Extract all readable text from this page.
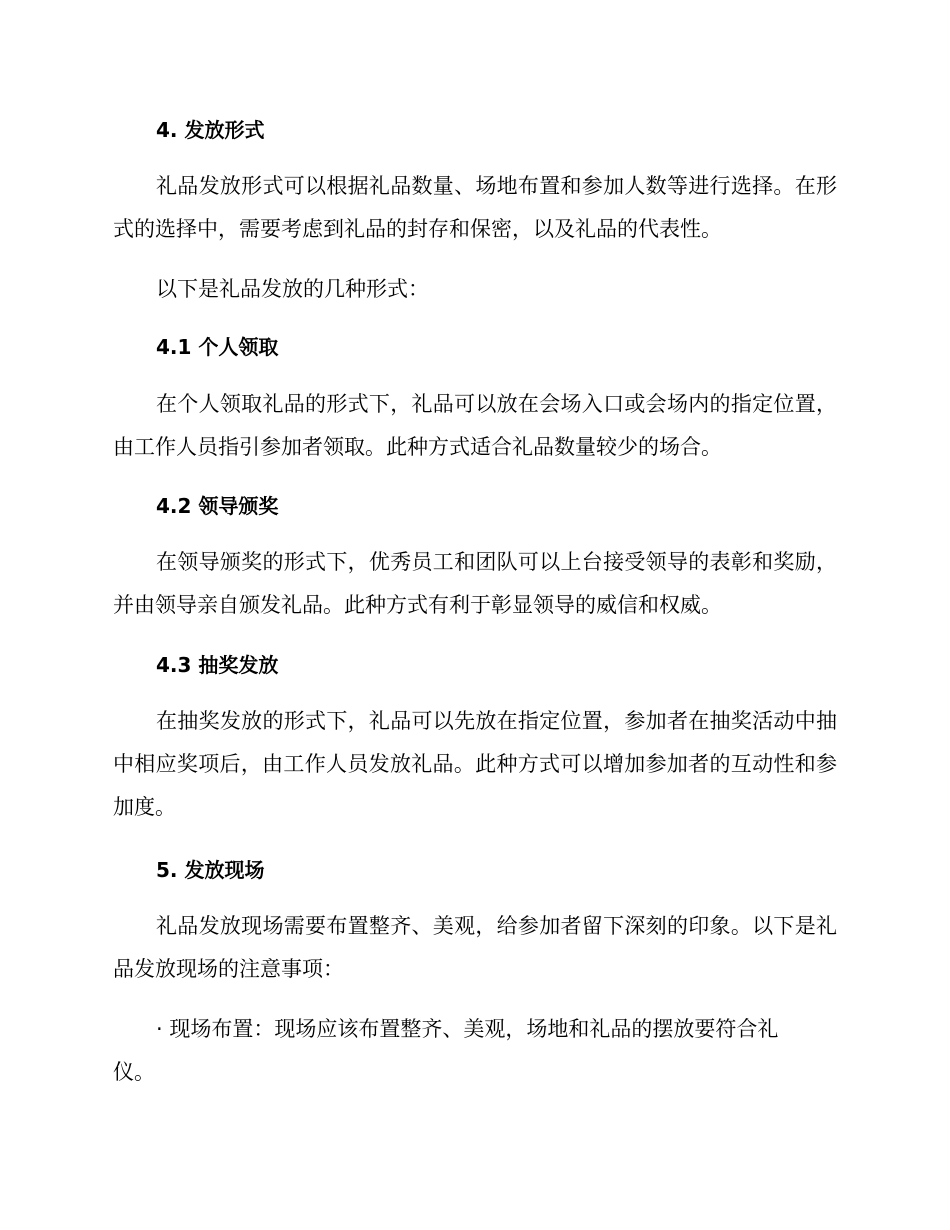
4. 发放形式
礼品发放形式可以根据礼品数量、场地布置和参加人数等进行选择。在形式的选择中，需要考虑到礼品的封存和保密，以及礼品的代表性。
以下是礼品发放的几种形式：
4.1 个人领取
在个人领取礼品的形式下，礼品可以放在会场入口或会场内的指定位置，由工作人员指引参加者领取。此种方式适合礼品数量较少的场合。
4.2 领导颁奖
在领导颁奖的形式下，优秀员工和团队可以上台接受领导的表彰和奖励，并由领导亲自颁发礼品。此种方式有利于彰显领导的威信和权威。
4.3 抽奖发放
在抽奖发放的形式下，礼品可以先放在指定位置，参加者在抽奖活动中抽中相应奖项后，由工作人员发放礼品。此种方式可以增加参加者的互动性和参加度。
5. 发放现场
礼品发放现场需要布置整齐、美观，给参加者留下深刻的印象。以下是礼品发放现场的注意事项：
· 现场布置：现场应该布置整齐、美观，场地和礼品的摆放要符合礼仪。
